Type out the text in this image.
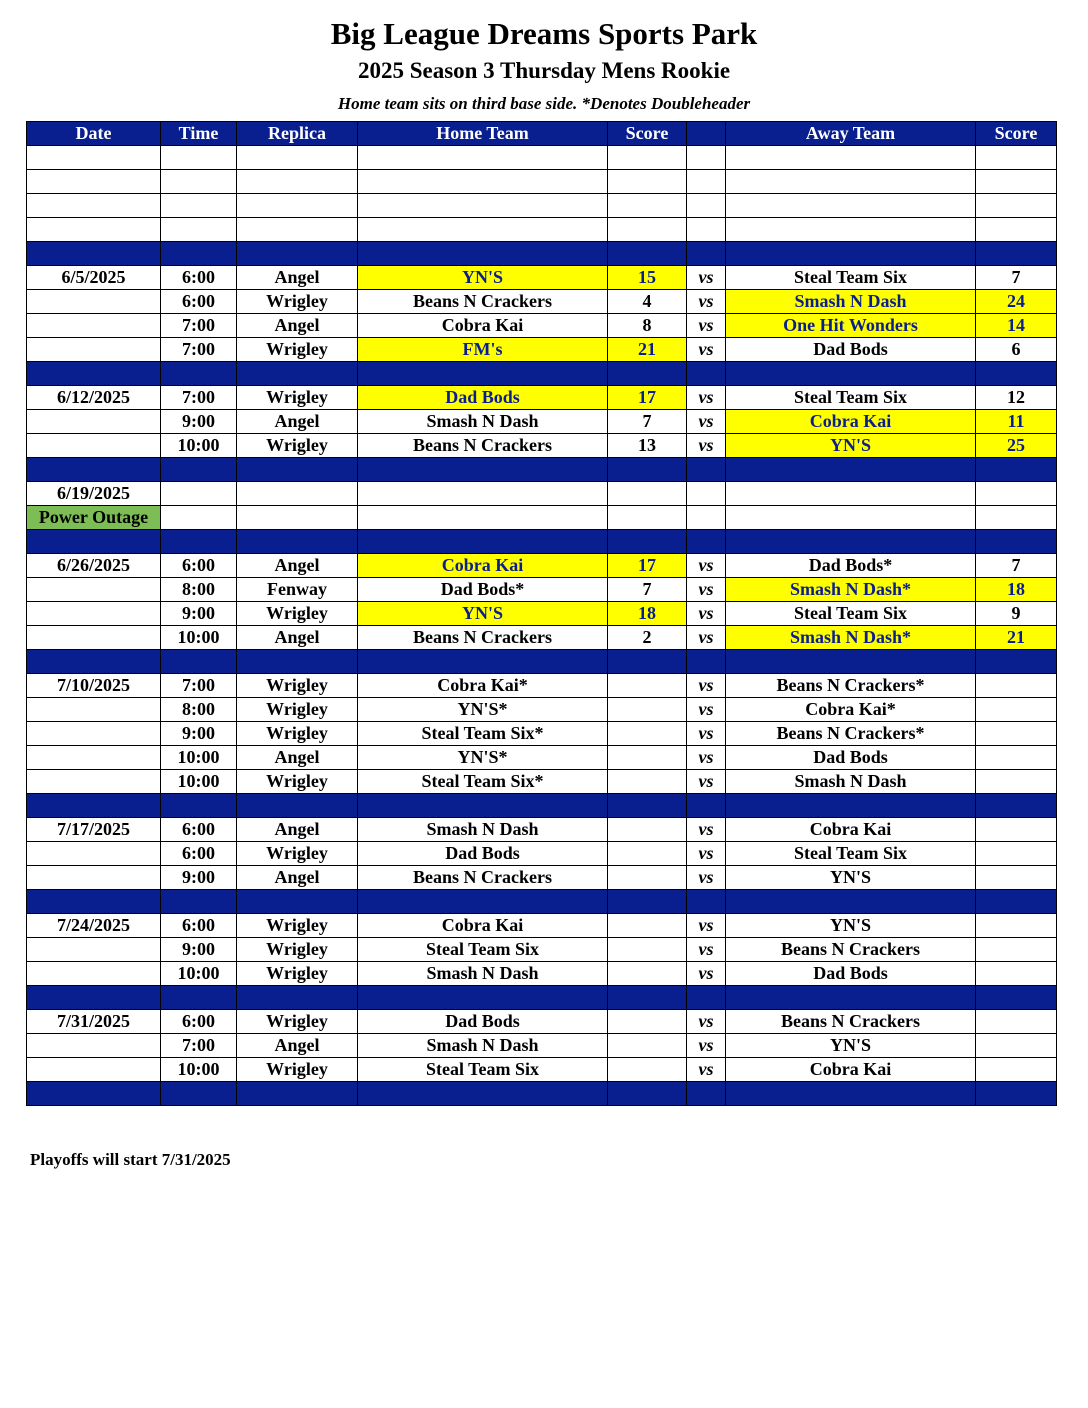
Big League Dreams Sports Park
2025 Season 3 Thursday Mens Rookie
Home team sits on third base side. *Denotes Doubleheader
Date	Time	Replica	Home Team	Score		Away Team	Score

6/5/2025	6:00	Angel	YN'S	15	vs	Steal Team Six	7
	6:00	Wrigley	Beans N Crackers	4	vs	Smash N Dash	24
	7:00	Angel	Cobra Kai	8	vs	One Hit Wonders	14
	7:00	Wrigley	FM's	21	vs	Dad Bods	6

6/12/2025	7:00	Wrigley	Dad Bods	17	vs	Steal Team Six	12
	9:00	Angel	Smash N Dash	7	vs	Cobra Kai	11
	10:00	Wrigley	Beans N Crackers	13	vs	YN'S	25

6/19/2025							
Power Outage							

6/26/2025	6:00	Angel	Cobra Kai	17	vs	Dad Bods*	7
	8:00	Fenway	Dad Bods*	7	vs	Smash N Dash*	18
	9:00	Wrigley	YN'S	18	vs	Steal Team Six	9
	10:00	Angel	Beans N Crackers	2	vs	Smash N Dash*	21

7/10/2025	7:00	Wrigley	Cobra Kai*		vs	Beans N Crackers*	
	8:00	Wrigley	YN'S*		vs	Cobra Kai*	
	9:00	Wrigley	Steal Team Six*		vs	Beans N Crackers*	
	10:00	Angel	YN'S*		vs	Dad Bods	
	10:00	Wrigley	Steal Team Six*		vs	Smash N Dash	

7/17/2025	6:00	Angel	Smash N Dash		vs	Cobra Kai	
	6:00	Wrigley	Dad Bods		vs	Steal Team Six	
	9:00	Angel	Beans N Crackers		vs	YN'S	

7/24/2025	6:00	Wrigley	Cobra Kai		vs	YN'S	
	9:00	Wrigley	Steal Team Six		vs	Beans N Crackers	
	10:00	Wrigley	Smash N Dash		vs	Dad Bods	

7/31/2025	6:00	Wrigley	Dad Bods		vs	Beans N Crackers	
	7:00	Angel	Smash N Dash		vs	YN'S	
	10:00	Wrigley	Steal Team Six		vs	Cobra Kai	

Playoffs will start 7/31/2025
